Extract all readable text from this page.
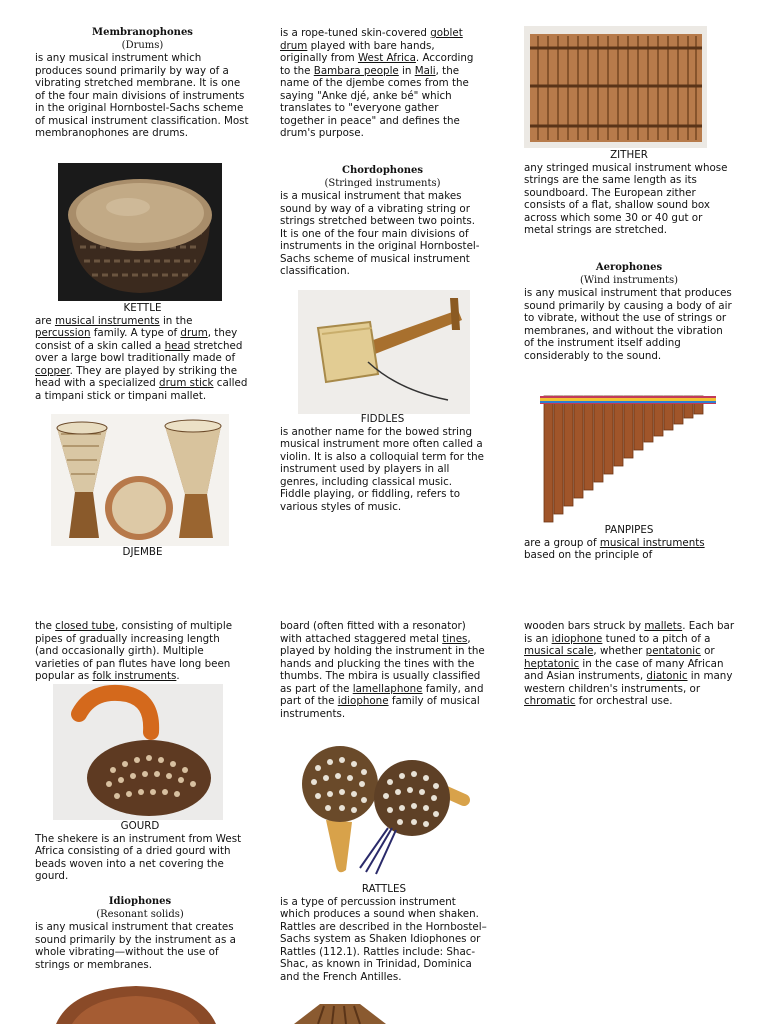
Membranophones

(Drums)

is any musical instrument which produces sound primarily by way of a vibrating stretched membrane. It is one of the four main divisions of instruments in the original Hornbostel-Sachs scheme of musical instrument classification. Most membranophones are drums.

KETTLE

are musical instruments in the percussion family. A type of drum, they consist of a skin called a head stretched over a large bowl traditionally made of copper. They are played by striking the head with a specialized drum stick called a timpani stick or timpani mallet.

DJEMBE

is a rope-tuned skin-covered goblet drum played with bare hands, originally from West Africa. According to the Bambara people in Mali, the name of the djembe comes from the saying "Anke djé, anke bé" which translates to "everyone gather together in peace" and defines the drum's purpose.

Chordophones

(Stringed instruments)

is a musical instrument that makes sound by way of a vibrating string or strings stretched between two points. It is one of the four main divisions of instruments in the original Hornbostel-Sachs scheme of musical instrument classification.

FIDDLES

is another name for the bowed string musical instrument more often called a violin. It is also a colloquial term for the instrument used by players in all genres, including classical music. Fiddle playing, or fiddling, refers to various styles of music.

ZITHER

any stringed musical instrument whose strings are the same length as its soundboard. The European zither consists of a flat, shallow sound box across which some 30 or 40 gut or metal strings are stretched.

Aerophones

(Wind instruments)

is any musical instrument that produces sound primarily by causing a body of air to vibrate, without the use of strings or membranes, and without the vibration of the instrument itself adding considerably to the sound.

PANPIPES

are a group of musical instruments based on the principle of

the closed tube, consisting of multiple pipes of gradually increasing length (and occasionally girth). Multiple varieties of pan flutes have long been popular as folk instruments.

GOURD

The shekere is an instrument from West Africa consisting of a dried gourd with beads woven into a net covering the gourd.

Idiophones

(Resonant solids)

is any musical instrument that creates sound primarily by the instrument as a whole vibrating—without the use of strings or membranes.

board (often fitted with a resonator) with attached staggered metal tines, played by holding the instrument in the hands and plucking the tines with the thumbs. The mbira is usually classified as part of the lamellaphone family, and part of the idiophone family of musical instruments.

RATTLES

is a type of percussion instrument which produces a sound when shaken. Rattles are described in the Hornbostel–Sachs system as Shaken Idiophones or Rattles (112.1). Rattles include: Shac-Shac, as known in Trinidad, Dominica and the French Antilles.

wooden bars struck by mallets. Each bar is an idiophone tuned to a pitch of a musical scale, whether pentatonic or heptatonic in the case of many African and Asian instruments, diatonic in many western children's instruments, or chromatic for orchestral use.
